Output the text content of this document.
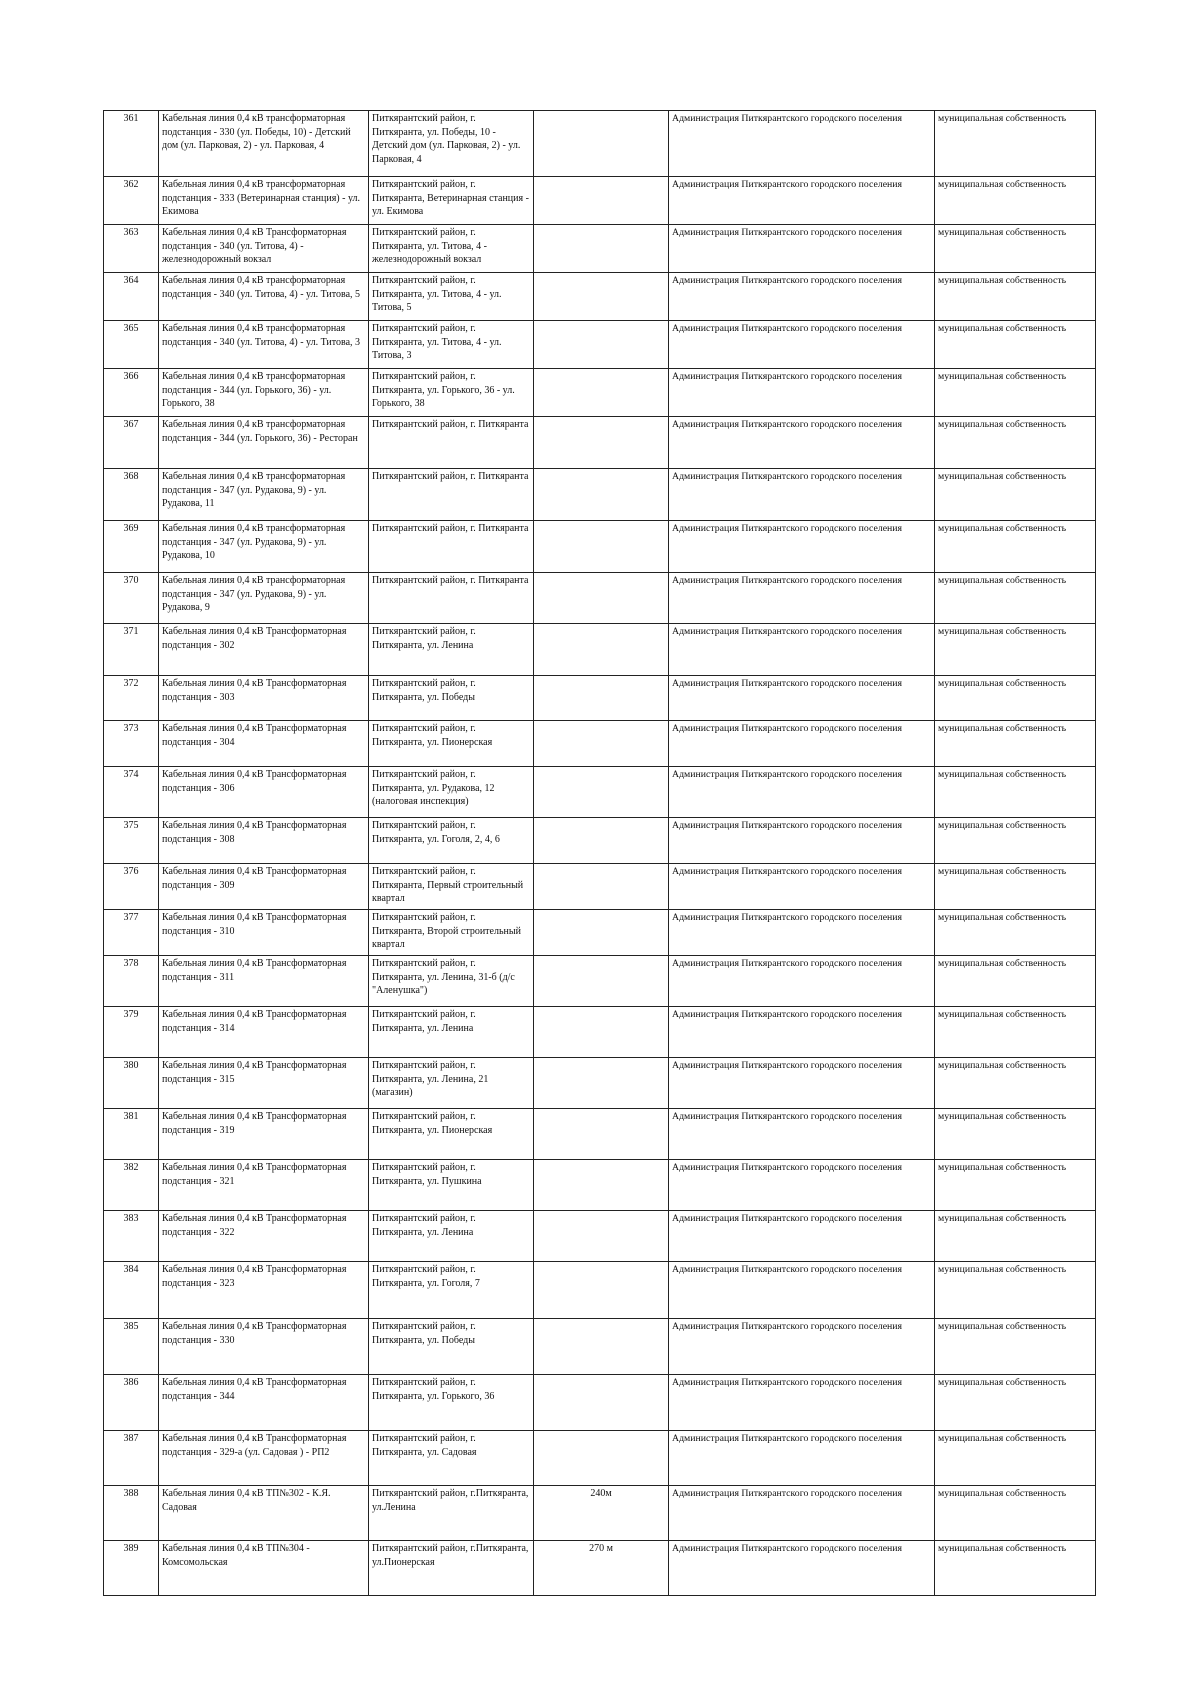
361	Кабельная линия 0,4 кВ трансформаторная подстанция - 330 (ул. Победы, 10) - Детский дом (ул. Парковая, 2) - ул. Парковая, 4	Питкярантский район, г. Питкяранта, ул. Победы, 10 - Детский дом (ул. Парковая, 2) - ул. Парковая, 4		Администрация Питкярантского городского поселения	муниципальная собственность
362	Кабельная линия 0,4 кВ трансформаторная подстанция - 333 (Ветеринарная станция) - ул. Екимова	Питкярантский район, г. Питкяранта, Ветеринарная станция - ул. Екимова		Администрация Питкярантского городского поселения	муниципальная собственность
363	Кабельная линия 0,4 кВ Трансформаторная подстанция - 340 (ул. Титова, 4) - железнодорожный вокзал	Питкярантский район, г. Питкяранта, ул. Титова, 4 - железнодорожный вокзал		Администрация Питкярантского городского поселения	муниципальная собственность
364	Кабельная линия 0,4 кВ трансформаторная подстанция - 340 (ул. Титова, 4) - ул. Титова, 5	Питкярантский район, г. Питкяранта, ул. Титова, 4 - ул. Титова, 5		Администрация Питкярантского городского поселения	муниципальная собственность
365	Кабельная линия 0,4 кВ трансформаторная подстанция - 340 (ул. Титова, 4) - ул. Титова, 3	Питкярантский район, г. Питкяранта, ул. Титова, 4 - ул. Титова, 3		Администрация Питкярантского городского поселения	муниципальная собственность
366	Кабельная линия 0,4 кВ трансформаторная подстанция - 344 (ул. Горького, 36) - ул. Горького, 38	Питкярантский район, г. Питкяранта, ул. Горького, 36 - ул. Горького, 38		Администрация Питкярантского городского поселения	муниципальная собственность
367	Кабельная линия 0,4 кВ трансформаторная подстанция - 344 (ул. Горького, 36) - Ресторан	Питкярантский район, г. Питкяранта		Администрация Питкярантского городского поселения	муниципальная собственность
368	Кабельная линия 0,4 кВ трансформаторная подстанция - 347 (ул. Рудакова, 9) - ул. Рудакова, 11	Питкярантский район, г. Питкяранта		Администрация Питкярантского городского поселения	муниципальная собственность
369	Кабельная линия 0,4 кВ трансформаторная подстанция - 347 (ул. Рудакова, 9) - ул. Рудакова, 10	Питкярантский район, г. Питкяранта		Администрация Питкярантского городского поселения	муниципальная собственность
370	Кабельная линия 0,4 кВ трансформаторная подстанция - 347 (ул. Рудакова, 9) - ул. Рудакова, 9	Питкярантский район, г. Питкяранта		Администрация Питкярантского городского поселения	муниципальная собственность
371	Кабельная линия 0,4 кВ Трансформаторная подстанция - 302	Питкярантский район, г. Питкяранта, ул. Ленина		Администрация Питкярантского городского поселения	муниципальная собственность
372	Кабельная линия 0,4 кВ Трансформаторная подстанция - 303	Питкярантский район, г. Питкяранта, ул. Победы		Администрация Питкярантского городского поселения	муниципальная собственность
373	Кабельная линия 0,4 кВ Трансформаторная подстанция - 304	Питкярантский район, г. Питкяранта, ул. Пионерская		Администрация Питкярантского городского поселения	муниципальная собственность
374	Кабельная линия 0,4 кВ Трансформаторная подстанция - 306	Питкярантский район, г. Питкяранта, ул. Рудакова, 12 (налоговая инспекция)		Администрация Питкярантского городского поселения	муниципальная собственность
375	Кабельная линия 0,4 кВ Трансформаторная подстанция - 308	Питкярантский район, г. Питкяранта, ул. Гоголя, 2, 4, 6		Администрация Питкярантского городского поселения	муниципальная собственность
376	Кабельная линия 0,4 кВ Трансформаторная подстанция - 309	Питкярантский район, г. Питкяранта, Первый строительный квартал		Администрация Питкярантского городского поселения	муниципальная собственность
377	Кабельная линия 0,4 кВ Трансформаторная подстанция - 310	Питкярантский район, г. Питкяранта, Второй строительный квартал		Администрация Питкярантского городского поселения	муниципальная собственность
378	Кабельная линия 0,4 кВ Трансформаторная подстанция - 311	Питкярантский район, г. Питкяранта, ул. Ленина, 31-б (д/с "Аленушка")		Администрация Питкярантского городского поселения	муниципальная собственность
379	Кабельная линия 0,4 кВ Трансформаторная подстанция - 314	Питкярантский район, г. Питкяранта, ул. Ленина		Администрация Питкярантского городского поселения	муниципальная собственность
380	Кабельная линия 0,4 кВ Трансформаторная подстанция - 315	Питкярантский район, г. Питкяранта, ул. Ленина, 21 (магазин)		Администрация Питкярантского городского поселения	муниципальная собственность
381	Кабельная линия 0,4 кВ Трансформаторная подстанция - 319	Питкярантский район, г. Питкяранта, ул. Пионерская		Администрация Питкярантского городского поселения	муниципальная собственность
382	Кабельная линия 0,4 кВ Трансформаторная подстанция - 321	Питкярантский район, г. Питкяранта, ул. Пушкина		Администрация Питкярантского городского поселения	муниципальная собственность
383	Кабельная линия 0,4 кВ Трансформаторная подстанция - 322	Питкярантский район, г. Питкяранта, ул. Ленина		Администрация Питкярантского городского поселения	муниципальная собственность
384	Кабельная линия 0,4 кВ Трансформаторная подстанция - 323	Питкярантский район, г. Питкяранта, ул. Гоголя, 7		Администрация Питкярантского городского поселения	муниципальная собственность
385	Кабельная линия 0,4 кВ Трансформаторная подстанция - 330	Питкярантский район, г. Питкяранта, ул. Победы		Администрация Питкярантского городского поселения	муниципальная собственность
386	Кабельная линия 0,4 кВ Трансформаторная подстанция - 344	Питкярантский район, г. Питкяранта, ул. Горького, 36		Администрация Питкярантского городского поселения	муниципальная собственность
387	Кабельная линия 0,4 кВ Трансформаторная подстанция - 329-а (ул. Садовая ) - РП2	Питкярантский район, г. Питкяранта, ул. Садовая		Администрация Питкярантского городского поселения	муниципальная собственность
388	Кабельная линия 0,4 кВ ТП№302 - К.Я. Садовая	Питкярантский район, г.Питкяранта, ул.Ленина	240м	Администрация Питкярантского городского поселения	муниципальная собственность
389	Кабельная линия 0,4 кВ ТП№304 - Комсомольская	Питкярантский район, г.Питкяранта, ул.Пионерская	270 м	Администрация Питкярантского городского поселения	муниципальная собственность
